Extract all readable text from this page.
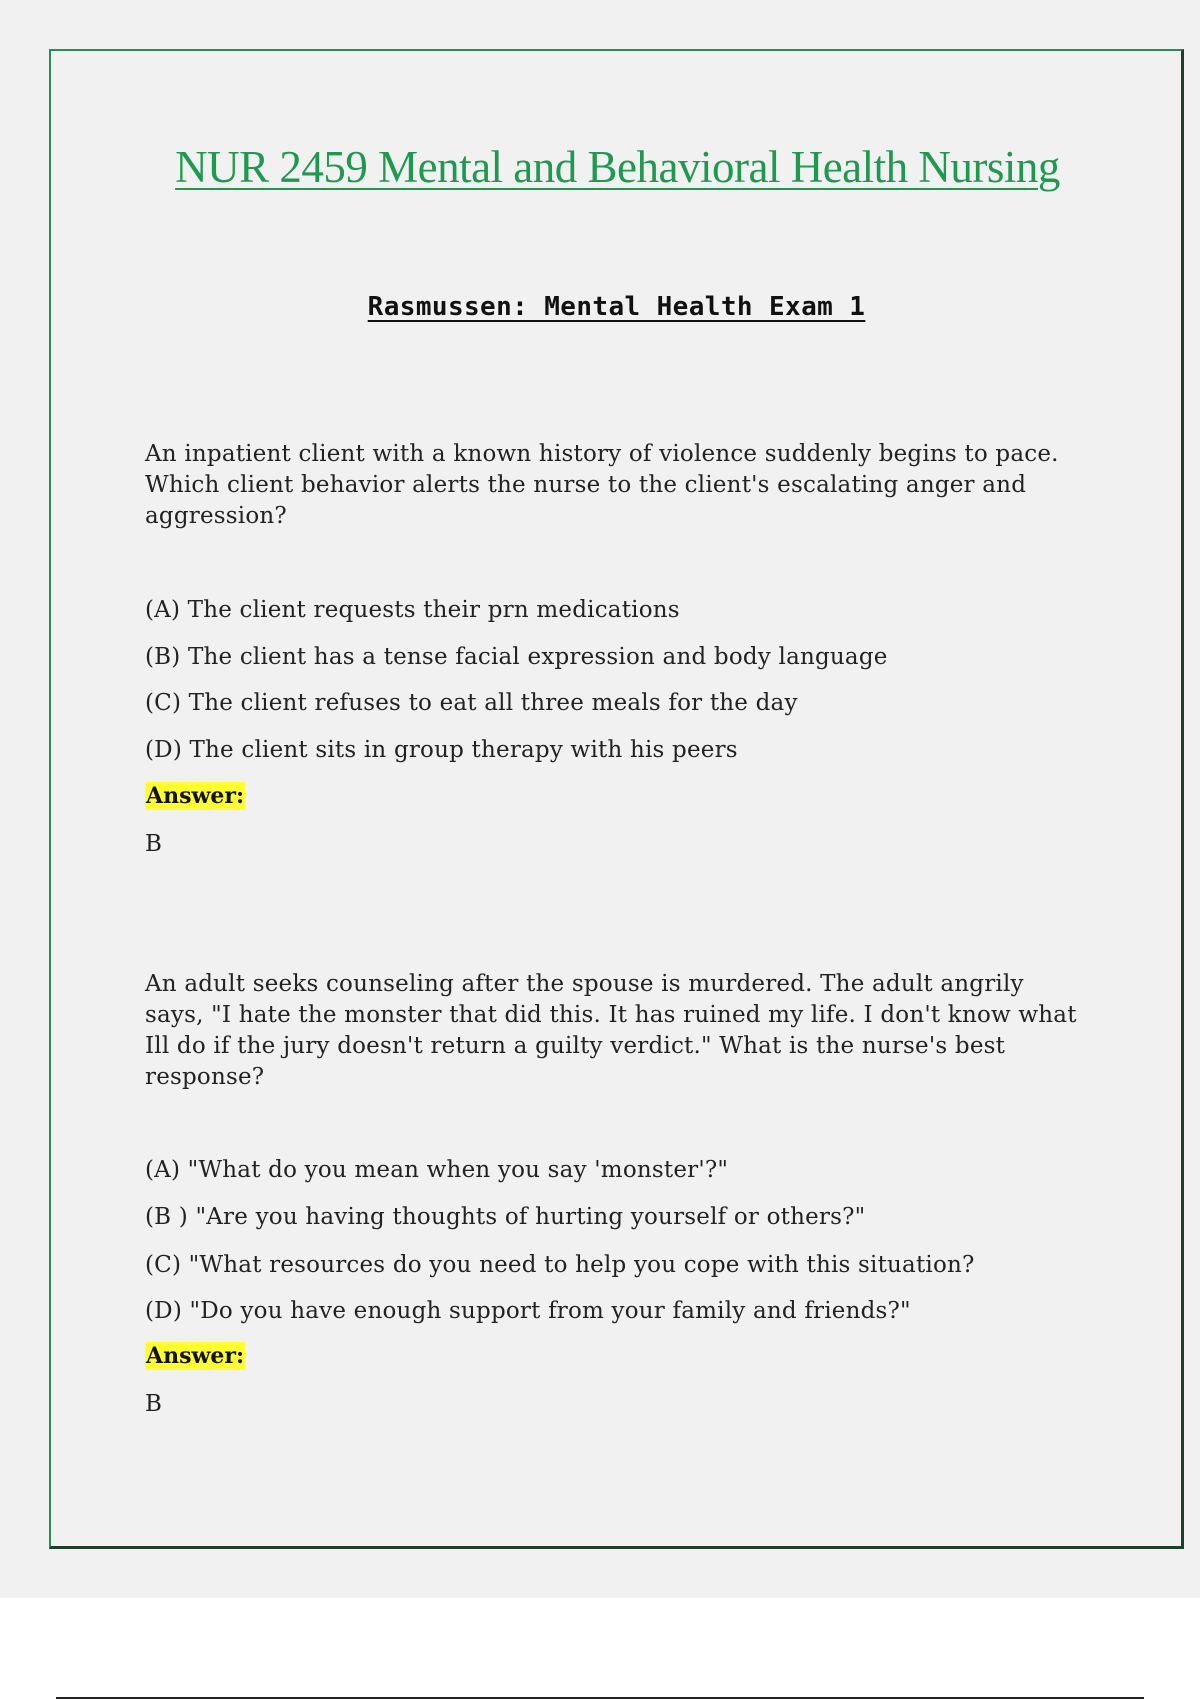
NUR 2459 Mental and Behavioral Health Nursing
Rasmussen: Mental Health Exam 1
An inpatient client with a known history of violence suddenly begins to pace. Which client behavior alerts the nurse to the client's escalating anger and aggression?
(A) The client requests their prn medications
(B) The client has a tense facial expression and body language
(C) The client refuses to eat all three meals for the day
(D) The client sits in group therapy with his peers
Answer:
B
An adult seeks counseling after the spouse is murdered. The adult angrily says, "I hate the monster that did this. It has ruined my life. I don't know what Ill do if the jury doesn't return a guilty verdict." What is the nurse's best response?
(A) "What do you mean when you say 'monster'?"
(B ) "Are you having thoughts of hurting yourself or others?"
(C) "What resources do you need to help you cope with this situation?
(D) "Do you have enough support from your family and friends?"
Answer:
B
